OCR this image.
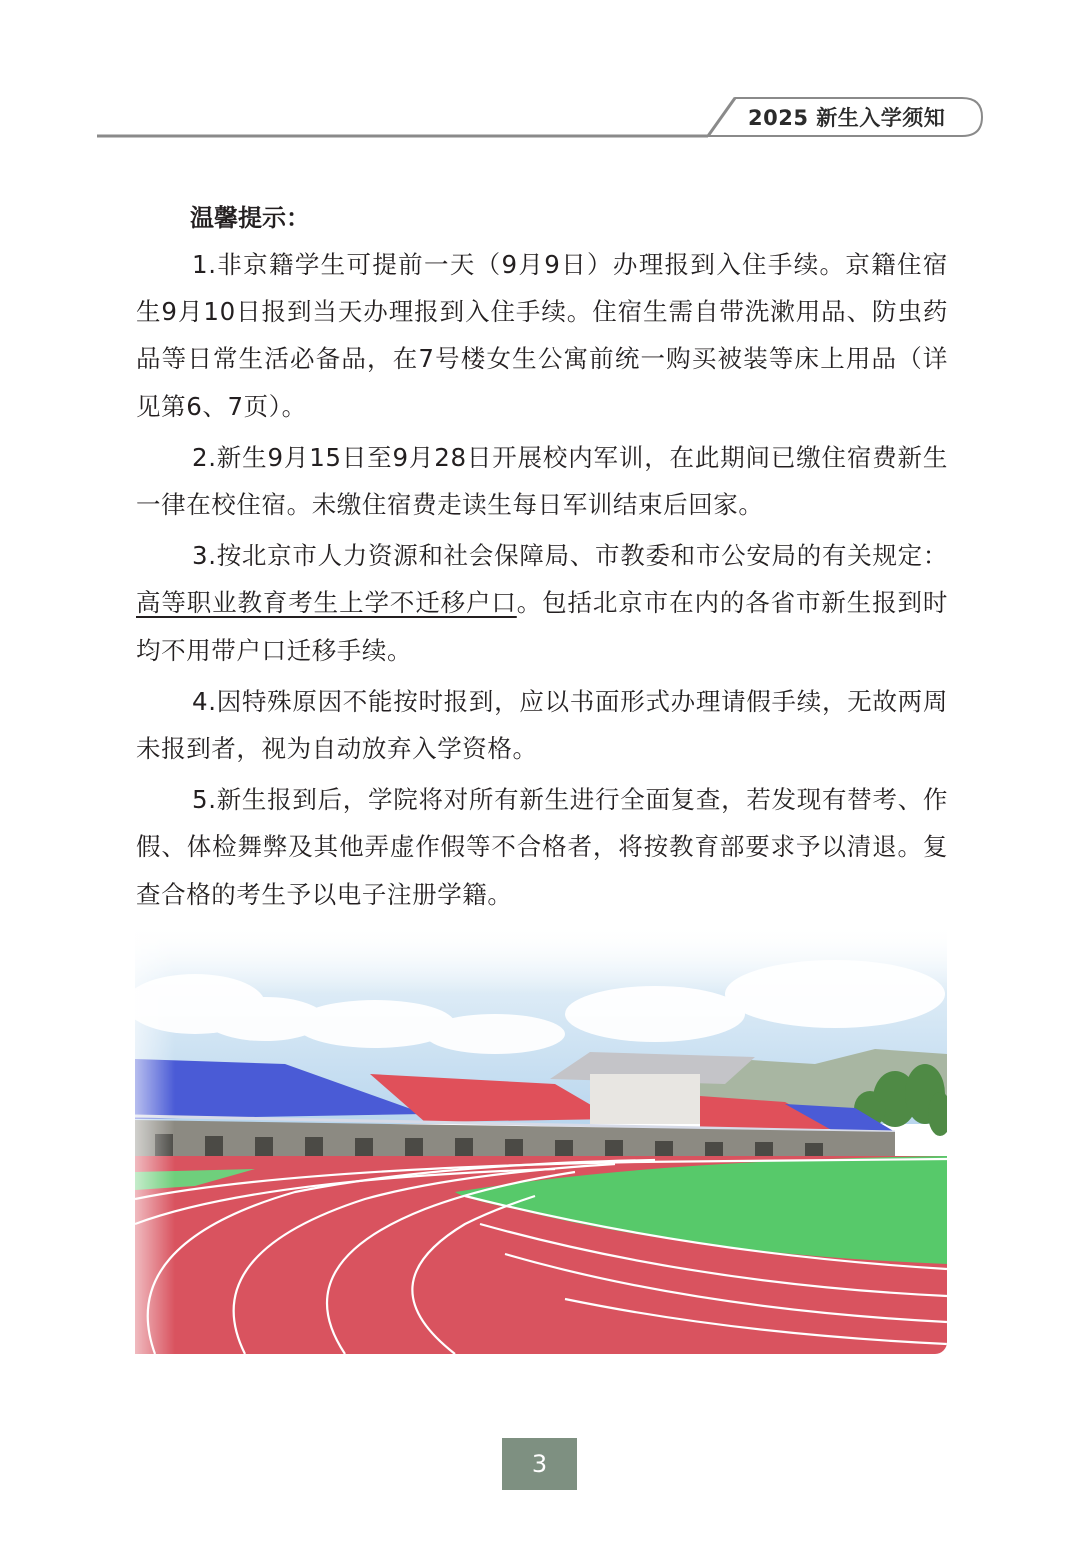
2025 新生入学须知
温馨提示：

1.非京籍学生可提前一天（9月9日）办理报到入住手续。京籍住宿生9月10日报到当天办理报到入住手续。住宿生需自带洗漱用品、防虫药品等日常生活必备品，在7号楼女生公寓前统一购买被装等床上用品（详见第6、7页）。

2.新生9月15日至9月28日开展校内军训，在此期间已缴住宿费新生一律在校住宿。未缴住宿费走读生每日军训结束后回家。

3.按北京市人力资源和社会保障局、市教委和市公安局的有关规定：高等职业教育考生上学不迁移户口。包括北京市在内的各省市新生报到时均不用带户口迁移手续。

4.因特殊原因不能按时报到，应以书面形式办理请假手续，无故两周未报到者，视为自动放弃入学资格。

5.新生报到后，学院将对所有新生进行全面复查，若发现有替考、作假、体检舞弊及其他弄虚作假等不合格者，将按教育部要求予以清退。复查合格的考生予以电子注册学籍。

3
